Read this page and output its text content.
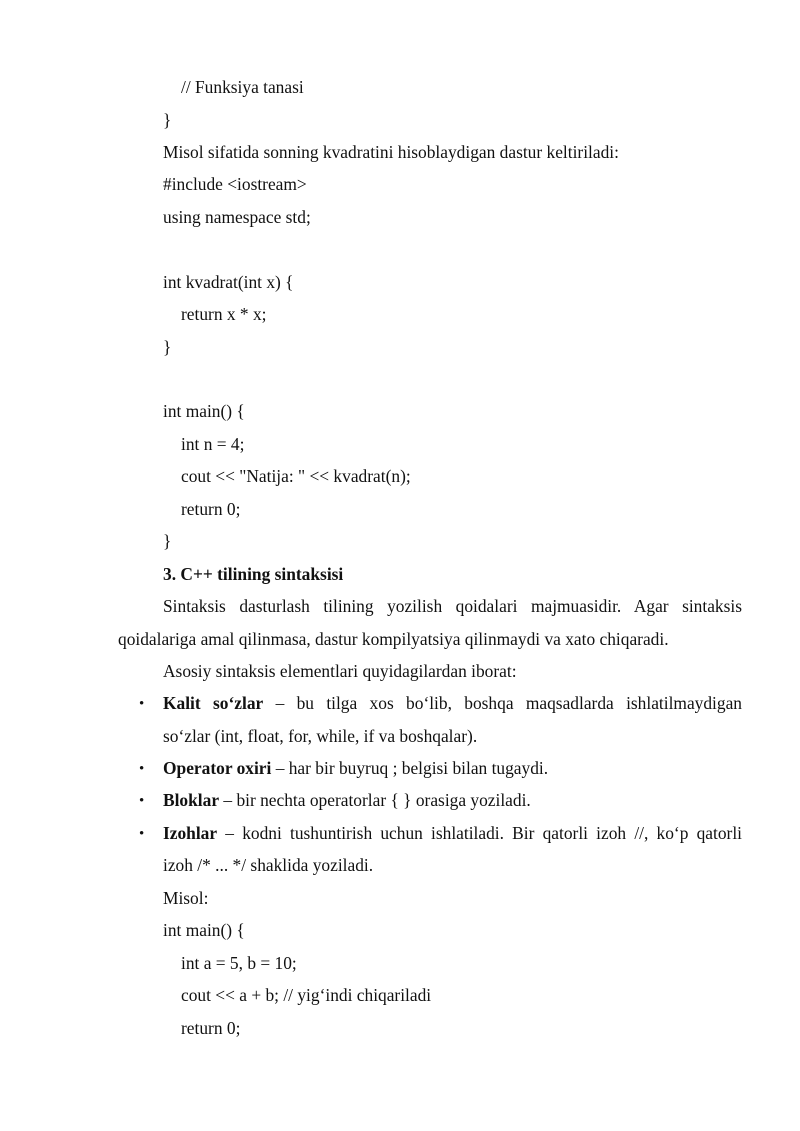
// Funksiya tanasi
}
Misol sifatida sonning kvadratini hisoblaydigan dastur keltiriladi:
#include <iostream>
using namespace std;
int kvadrat(int x) {
return x * x;
}
int main() {
int n = 4;
cout << "Natija: " << kvadrat(n);
return 0;
}
3. C++ tilining sintaksisi
Sintaksis dasturlash tilining yozilish qoidalari majmuasidir. Agar sintaksis
qoidalariga amal qilinmasa, dastur kompilyatsiya qilinmaydi va xato chiqaradi.
Asosiy sintaksis elementlari quyidagilardan iborat:
• Kalit so‘zlar – bu tilga xos bo‘lib, boshqa maqsadlarda ishlatilmaydigan
so‘zlar (int, float, for, while, if va boshqalar).
• Operator oxiri – har bir buyruq ; belgisi bilan tugaydi.
• Bloklar – bir nechta operatorlar { } orasiga yoziladi.
• Izohlar – kodni tushuntirish uchun ishlatiladi. Bir qatorli izoh //, ko‘p qatorli
izoh /* ... */ shaklida yoziladi.
Misol:
int main() {
int a = 5, b = 10;
cout << a + b; // yig‘indi chiqariladi
return 0;
